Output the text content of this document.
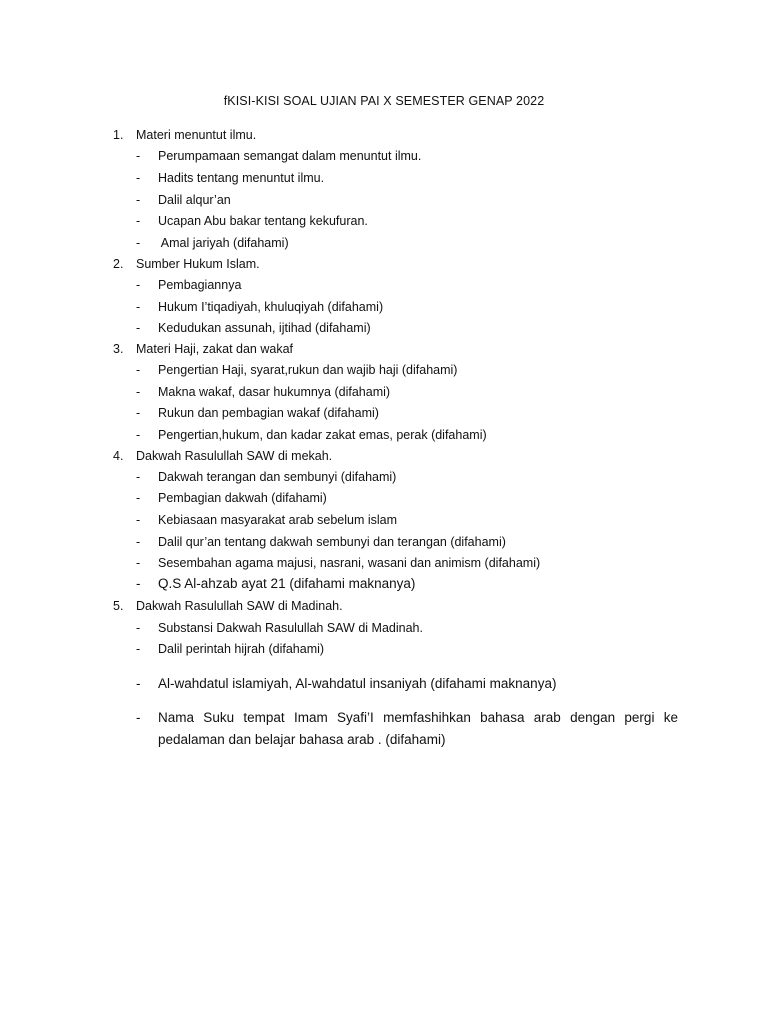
fKISI-KISI SOAL UJIAN PAI X SEMESTER GENAP 2022
1. Materi menuntut ilmu.
- Perumpamaan semangat dalam menuntut ilmu.
- Hadits tentang menuntut ilmu.
- Dalil alqur’an
- Ucapan Abu bakar tentang kekufuran.
- Amal jariyah (difahami)
2. Sumber Hukum Islam.
- Pembagiannya
- Hukum I’tiqadiyah, khuluqiyah (difahami)
- Kedudukan assunah, ijtihad (difahami)
3. Materi Haji, zakat dan wakaf
- Pengertian Haji, syarat,rukun dan wajib haji (difahami)
- Makna wakaf, dasar hukumnya (difahami)
- Rukun dan pembagian wakaf (difahami)
- Pengertian,hukum, dan kadar zakat emas, perak (difahami)
4. Dakwah Rasulullah SAW di mekah.
- Dakwah terangan dan sembunyi (difahami)
- Pembagian dakwah (difahami)
- Kebiasaan masyarakat arab sebelum islam
- Dalil qur’an tentang dakwah sembunyi dan terangan (difahami)
- Sesembahan agama majusi, nasrani, wasani dan animism (difahami)
- Q.S Al-ahzab ayat 21 (difahami maknanya)
5. Dakwah Rasulullah SAW di Madinah.
- Substansi Dakwah Rasulullah SAW di Madinah.
- Dalil perintah hijrah (difahami)
- Al-wahdatul islamiyah, Al-wahdatul insaniyah (difahami maknanya)
- Nama Suku tempat Imam Syafi’I memfashihkan bahasa arab dengan pergi ke pedalaman dan belajar bahasa arab . (difahami)
